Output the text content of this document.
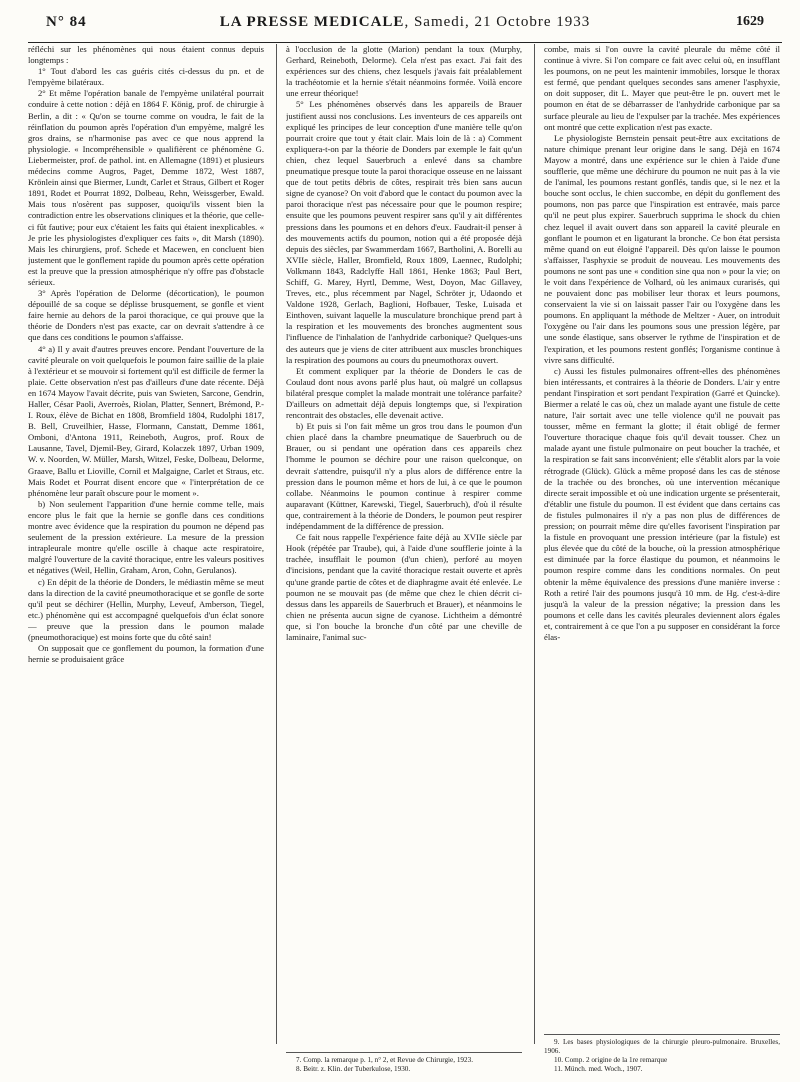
N° 84	LA PRESSE MEDICALE, Samedi, 21 Octobre 1933	1629

réfléchi sur les phénomènes qui nous étaient connus depuis longtemps :

1° Tout d'abord les cas guéris cités ci-dessus du pn. et de l'empyème bilatéraux.

2° Et même l'opération banale de l'empyème unilatéral pourrait conduire à cette notion : déjà en 1864 F. König, prof. de chirurgie à Berlin, a dit : « Qu'on se tourne comme on voudra, le fait de la réinflation du poumon après l'opération d'un empyème, malgré les gros drains, se n'harmonise pas avec ce que nous apprend la physiologie. « Incompréhensible » qualifièrent ce phénomène G. Liebermeister, prof. de pathol. int. en Allemagne (1891) et plusieurs médecins comme Augros, Paget, Demme 1872, West 1887, Krönlein ainsi que Biermer, Lundt, Carlet et Straus, Gilbert et Roger 1891, Rodet et Pourrat 1892, Dolbeau, Rehn, Weissgerber, Ewald. Mais tous n'osèrent pas supposer, quoiqu'ils vissent bien la contradiction entre les observations cliniques et la théorie, que celle-ci fût fautive; pour eux c'étaient les faits qui étaient inexplicables. « Je prie les physiologistes d'expliquer ces faits », dit Marsh (1890). Mais les chirurgiens, prof. Schede et Macewen, en concluent bien justement que le gonflement rapide du poumon après cette opération est la preuve que la pression atmosphérique n'y offre pas d'obstacle sérieux.

3° Après l'opération de Delorme (décortication), le poumon dépouillé de sa coque se déplisse brusquement, se gonfle et vient faire hernie au dehors de la paroi thoracique, ce qui prouve que la théorie de Donders n'est pas exacte, car on devrait s'attendre à ce que dans ces conditions le poumon s'affaisse.

4° a) Il y avait d'autres preuves encore. Pendant l'ouverture de la cavité pleurale on voit quelquefois le poumon faire saillie de la plaie à l'extérieur et se mouvoir si fortement qu'il est difficile de fermer la plaie. Cette observation n'est pas d'ailleurs d'une date récente. Déjà en 1674 Mayow l'avait décrite, puis van Swieten, Sarcone, Gendrin, Haller, César Paoli, Averroès, Riolan, Platter, Sennert, Brémond, P.-I. Roux, élève de Bichat en 1808, Bromfield 1804, Rudolphi 1817, B. Bell, Cruveilhier, Hasse, Flormann, Canstatt, Demme 1861, Omboni, d'Antona 1911, Reineboth, Augros, prof. Roux de Lausanne, Tavel, Djemil-Bey, Girard, Kolaczek 1897, Urban 1909, W. v. Noorden, W. Müller, Marsh, Witzel, Feske, Dolbeau, Delorme, Graave, Ballu et Lioville, Cornil et Malgaigne, Carlet et Straus, etc. Mais Rodet et Pourrat disent encore que « l'interprétation de ce phénomène leur paraît obscure pour le moment ».

b) Non seulement l'apparition d'une hernie comme telle, mais encore plus le fait que la hernie se gonfle dans ces conditions montre avec évidence que la respiration du poumon ne dépend pas seulement de la pression extérieure. La mesure de la pression intrapleurale montre qu'elle oscille à chaque acte respiratoire, malgré l'ouverture de la cavité thoracique, entre les valeurs positives et négatives (Weil, Hellin, Graham, Aron, Cohn, Gerulanos).

c) En dépit de la théorie de Donders, le médiastin même se meut dans la direction de la cavité pneumothoracique et se gonfle de sorte qu'il peut se déchirer (Hellin, Murphy, Leveuf, Amberson, Tiegel, etc.) phénomène qui est accompagné quelquefois d'un éclat sonore — preuve que la pression dans le poumon malade (pneumothoracique) est moins forte que du côté sain!

On supposait que ce gonflement du poumon, la formation d'une hernie se produisaient grâce

à l'occlusion de la glotte (Marion) pendant la toux (Murphy, Gerhard, Reineboth, Delorme). Cela n'est pas exact. J'ai fait des expériences sur des chiens, chez lesquels j'avais fait préalablement la trachéotomie et la hernie s'était néanmoins formée. Voilà encore une erreur théorique!

5° Les phénomènes observés dans les appareils de Brauer justifient aussi nos conclusions. Les inventeurs de ces appareils ont expliqué les principes de leur conception d'une manière telle qu'on pourrait croire que tout y était clair. Mais loin de là : a) Comment expliquera-t-on par la théorie de Donders par exemple le fait qu'un chien, chez lequel Sauerbruch a enlevé dans sa chambre pneumatique presque toute la paroi thoracique osseuse en ne laissant que de tout petits débris de côtes, respirait très bien sans aucun signe de cyanose? On voit d'abord que le contact du poumon avec la paroi thoracique n'est pas nécessaire pour que le poumon respire; ensuite que les poumons peuvent respirer sans qu'il y ait différentes pressions dans les poumons et en dehors d'eux. Faudrait-il penser à des mouvements actifs du poumon, notion qui a été proposée déjà depuis des siècles, par Swammerdam 1667, Bartholini, A. Borelli au XVIIe siècle, Haller, Bromfield, Roux 1809, Laennec, Rudolphi; Volkmann 1843, Radclyffe Hall 1861, Henke 1863; Paul Bert, Schiff, G. Marey, Hyrtl, Demme, West, Doyon, Mac Gillavey, Treves, etc., plus récemment par Nagel, Schröter jr, Udaondo et Valdone 1928, Gerlach, Baglioni, Hofbauer, Teske, Luisada et Einthoven, suivant laquelle la musculature bronchique prend part à la respiration et les mouvements des bronches augmentent sous l'influence de l'inhalation de l'anhydride carbonique? Quelques-uns des auteurs que je viens de citer attribuent aux muscles bronchiques la respiration des poumons au cours du pneumothorax ouvert.

Et comment expliquer par la théorie de Donders le cas de Coulaud dont nous avons parlé plus haut, où malgré un collapsus bilatéral presque complet la malade montrait une tolérance parfaite? D'ailleurs on admettait déjà depuis longtemps que, si l'expiration rencontrait des obstacles, elle devenait active.

b) Et puis si l'on fait même un gros trou dans le poumon d'un chien placé dans la chambre pneumatique de Sauerbruch ou de Brauer, ou si pendant une opération dans ces appareils chez l'homme le poumon se déchire pour une raison quelconque, on devrait s'attendre, puisqu'il n'y a plus alors de différence entre la pression dans le poumon même et hors de lui, à ce que le poumon collabe. Néanmoins le poumon continue à respirer comme auparavant (Küttner, Karewski, Tiegel, Sauerbruch), d'où il résulte que, contrairement à la théorie de Donders, le poumon peut respirer indépendamment de la différence de pression.

Ce fait nous rappelle l'expérience faite déjà au XVIIe siècle par Hook (répétée par Traube), qui, à l'aide d'une soufflerie jointe à la trachée, insufflait le poumon (d'un chien), perforé au moyen d'incisions, pendant que la cavité thoracique restait ouverte et après qu'une grande partie de côtes et de diaphragme avait été enlevée. Le poumon ne se mouvait pas (de même que chez le chien décrit ci-dessus dans les appareils de Sauerbruch et Brauer), et néanmoins le chien ne présenta aucun signe de cyanose. Lichtheim a démontré que, si l'on bouche la bronche d'un côté par une cheville de laminaire, l'animal suc-

7. Comp. la remarque p. 1, n° 2, et Revue de Chirurgie, 1923.
8. Beitr. z. Klin. der Tuberkulose, 1930.

combe, mais si l'on ouvre la cavité pleurale du même côté il continue à vivre. Si l'on compare ce fait avec celui où, en insufflant les poumons, on ne peut les maintenir immobiles, lorsque le thorax est fermé, que pendant quelques secondes sans amener l'asphyxie, on doit supposer, dit L. Mayer que peut-être le pn. ouvert met le poumon en état de se débarrasser de l'anhydride carbonique par sa surface pleurale au lieu de l'expulser par la trachée. Mes expériences ont montré que cette explication n'est pas exacte.

Le physiologiste Bernstein pensait peut-être aux excitations de nature chimique prenant leur origine dans le sang. Déjà en 1674 Mayow a montré, dans une expérience sur le chien à l'aide d'une soufflerie, que même une déchirure du poumon ne nuit pas à la vie de l'animal, les poumons restant gonflés, tandis que, si le nez et la bouche sont occlus, le chien succombe, en dépit du gonflement des poumons, non pas parce que l'inspiration est entravée, mais parce qu'il ne peut plus expirer. Sauerbruch supprima le shock du chien chez lequel il avait ouvert dans son appareil la cavité pleurale en gonflant le poumon et en ligaturant la bronche. Ce bon état persista même quand on eut éloigné l'appareil. Dès qu'on laisse le poumon s'affaisser, l'asphyxie se produit de nouveau. Les mouvements des poumons ne sont pas une « condition sine qua non » pour la vie; on le voit dans l'expérience de Volhard, où les animaux curarisés, qui ne pouvaient donc pas mobiliser leur thorax et leurs poumons, conservaient la vie si on laissait passer l'air ou l'oxygène dans les poumons. En appliquant la méthode de Meltzer - Auer, on introduit l'oxygène ou l'air dans les poumons sous une pression légère, par une sonde élastique, sans observer le rythme de l'inspiration et de l'expiration, et les poumons restent gonflés; l'organisme continue à vivre sans difficulté.

c) Aussi les fistules pulmonaires offrent-elles des phénomènes bien intéressants, et contraires à la théorie de Donders. L'air y entre pendant l'inspiration et sort pendant l'expiration (Garré et Quincke). Biermer a relaté le cas où, chez un malade ayant une fistule de cette nature, l'air sortait avec une telle violence qu'il ne pouvait pas tousser, même en fermant la glotte; il était obligé de fermer l'ouverture thoracique chaque fois qu'il devait tousser. Chez un malade ayant une fistule pulmonaire on peut boucher la trachée, et la respiration se fait sans inconvénient; elle s'établit alors par la voie rétrograde (Glück). Glück a même proposé dans les cas de sténose de la trachée ou des bronches, où une intervention mécanique directe serait impossible et où une indication urgente se présenterait, d'établir une fistule du poumon. Il est évident que dans certains cas de fistules pulmonaires il n'y a pas non plus de différences de pression; on pourrait même dire qu'elles favorisent l'inspiration par la fistule en provoquant une pression intérieure (par la fistule) est plus élevée que du côté de la bouche, où la pression atmosphérique est diminuée par la force élastique du poumon, et néanmoins le poumon respire comme dans les conditions normales. On peut obtenir la même équivalence des pressions d'une manière inverse : Roth a retiré l'air des poumons jusqu'à 10 mm. de Hg. c'est-à-dire jusqu'à la valeur de la pression négative; la pression dans les poumons et celle dans les cavités pleurales deviennent alors égales et, contrairement à ce que l'on a pu supposer en considérant la force élas-

9. Les bases physiologiques de la chirurgie pleuro-pulmonaire. Bruxelles, 1906.
10. Comp. 2 origine de la 1re remarque
11. Münch. med. Woch., 1907.
